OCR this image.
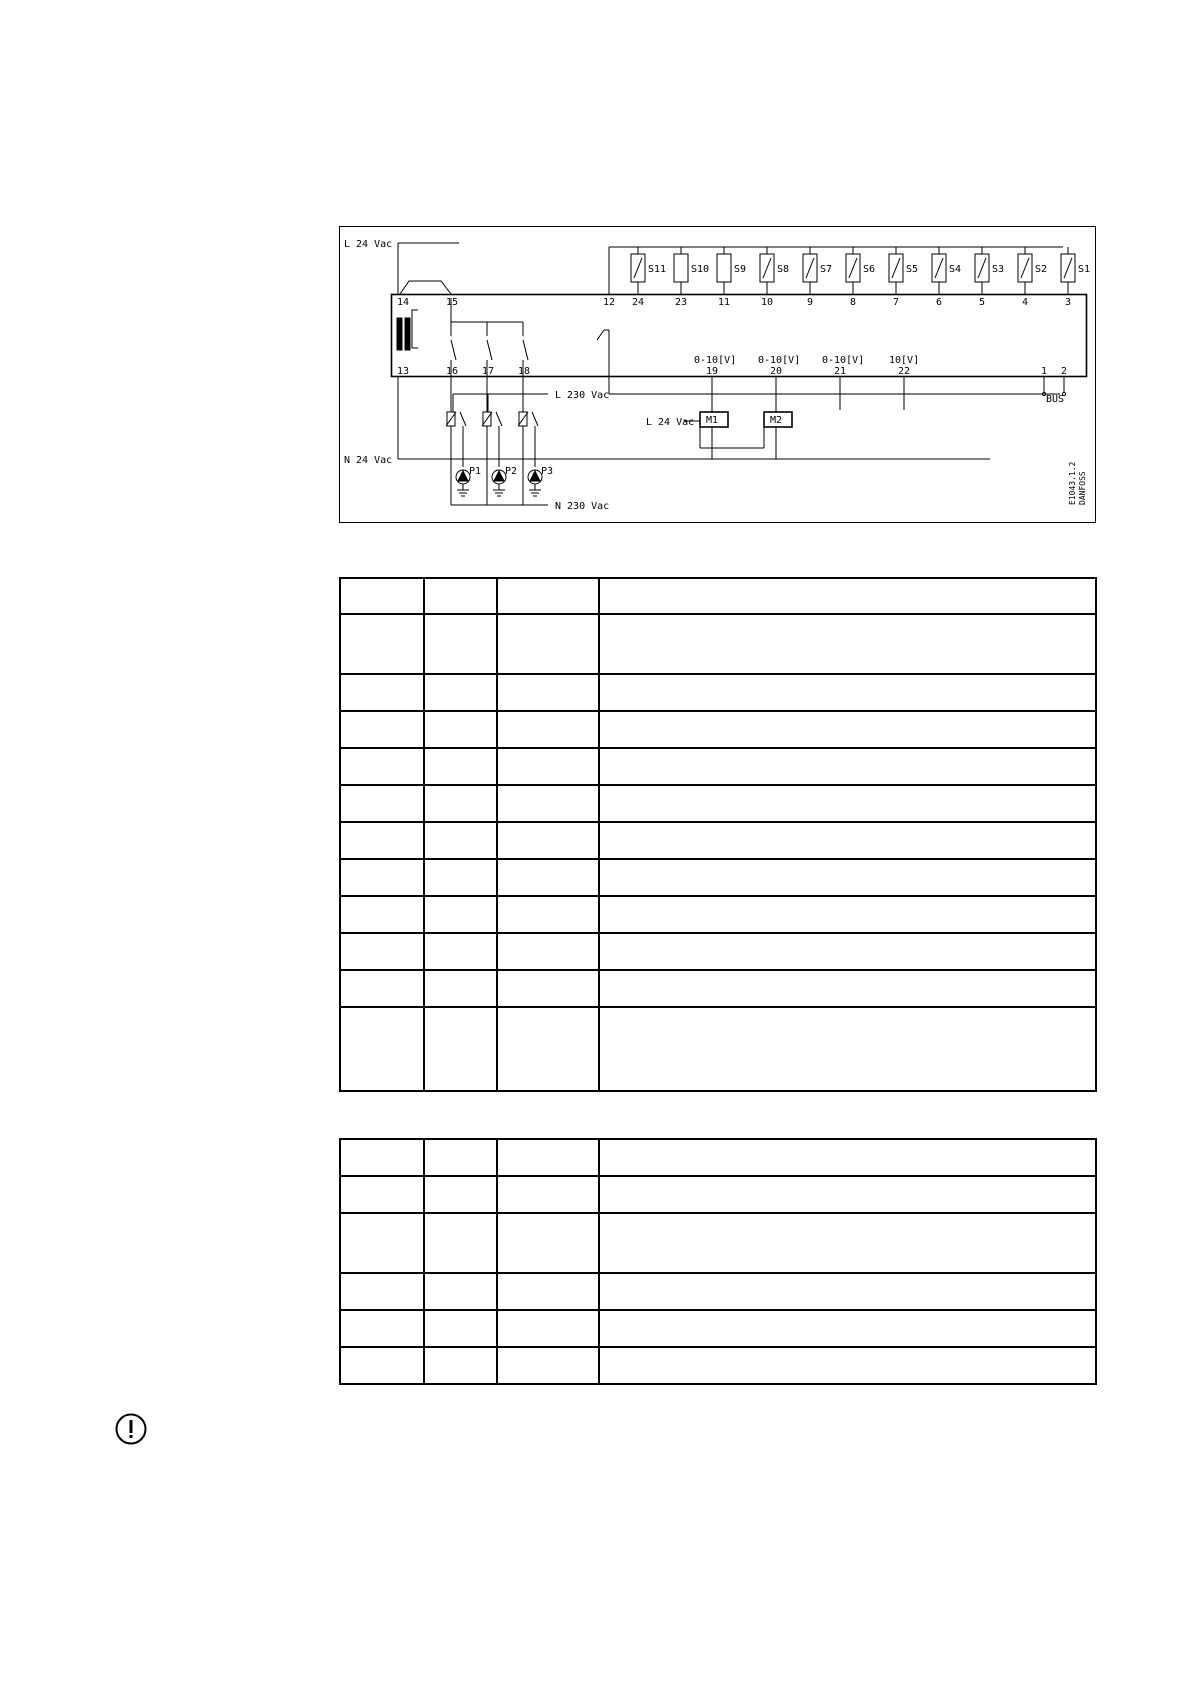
L 24 Vac
N 24 Vac
L 230 Vac
N 230 Vac
L 24 Vac
14	15	12 24	23	11	10	9	8	7	6	5	4	3
13	16 17 18	19	20	21	22	1 2
0-10[V] 0-10[V] 0-10[V] 10[V]
S11 S10 S9	S8	S7	S6	S5	S4	S3	S2	S1
M1	M2
P1 P2 P3
BUS
E1043.1.2 DANFOSS
